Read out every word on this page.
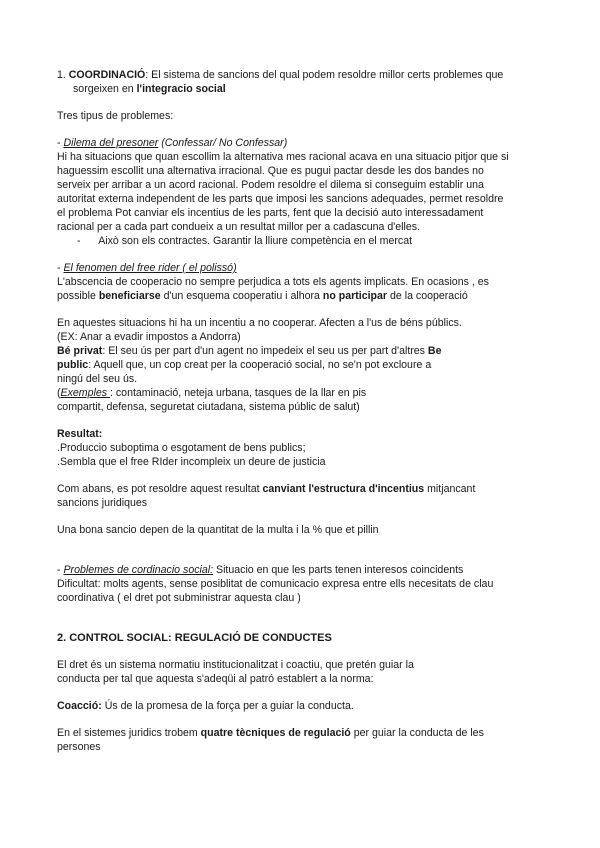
1. COORDINACIÓ: El sistema de sancions del qual podem resoldre millor certs problemes que
sorgeixen en l'integracio social
Tres tipus de problemes:
- Dilema del presoner (Confessar/ No Confessar)
Hi ha situacions que quan escollim la alternativa mes racional acava en una situacio pitjor que si
haguessim escollit una alternativa irracional. Que es pugui pactar desde les dos bandes no
serveix per arribar a un acord racional. Podem resoldre el dilema si conseguim establir una
autoritat externa independent de les parts que imposi les sancions adequades, permet resoldre
el problema Pot canviar els incentius de les parts, fent que la decisió auto interessadament
racional per a cada part condueix a un resultat millor per a cadascuna d'elles.
- Això son els contractes. Garantir la lliure competència en el mercat
- El fenomen del free rider ( el polissó)
L'abscencia de cooperacio no sempre perjudica a tots els agents implicats. En ocasions , es
possible beneficiarse d'un esquema cooperatiu i alhora no participar de la cooperació
En aquestes situacions hi ha un incentiu a no cooperar. Afecten a l'us de béns públics.
(EX: Anar a evadir impostos a Andorra)
Bé privat: El seu ús per part d'un agent no impedeix el seu us per part d'altres Be
public: Aquell que, un cop creat per la cooperació social, no se'n pot excloure a
ningú del seu ús.
(Exemples : contaminació, neteja urbana, tasques de la llar en pis
compartit, defensa, seguretat ciutadana, sistema públic de salut)
Resultat:
.Produccio suboptima o esgotament de bens publics;
.Sembla que el free RIder incompleix un deure de justicia
Com abans, es pot resoldre aquest resultat canviant l'estructura d'incentius mitjancant
sancions juridiques
Una bona sancio depen de la quantitat de la multa i la % que et pillin
- Problemes de cordinacio social: Situacio en que les parts tenen interesos coincidents
Dificultat: molts agents, sense posiblitat de comunicacio expresa entre ells necesitats de clau
coordinativa ( el dret pot subministrar aquesta clau )
2. CONTROL SOCIAL: REGULACIÓ DE CONDUCTES
El dret és un sistema normatiu institucionalitzat i coactiu, que pretén guiar la
conducta per tal que aquesta s'adeqüi al patró establert a la norma:
Coacció: Ús de la promesa de la força per a guiar la conducta.
En el sistemes juridics trobem quatre tècniques de regulació per guiar la conducta de les
persones
